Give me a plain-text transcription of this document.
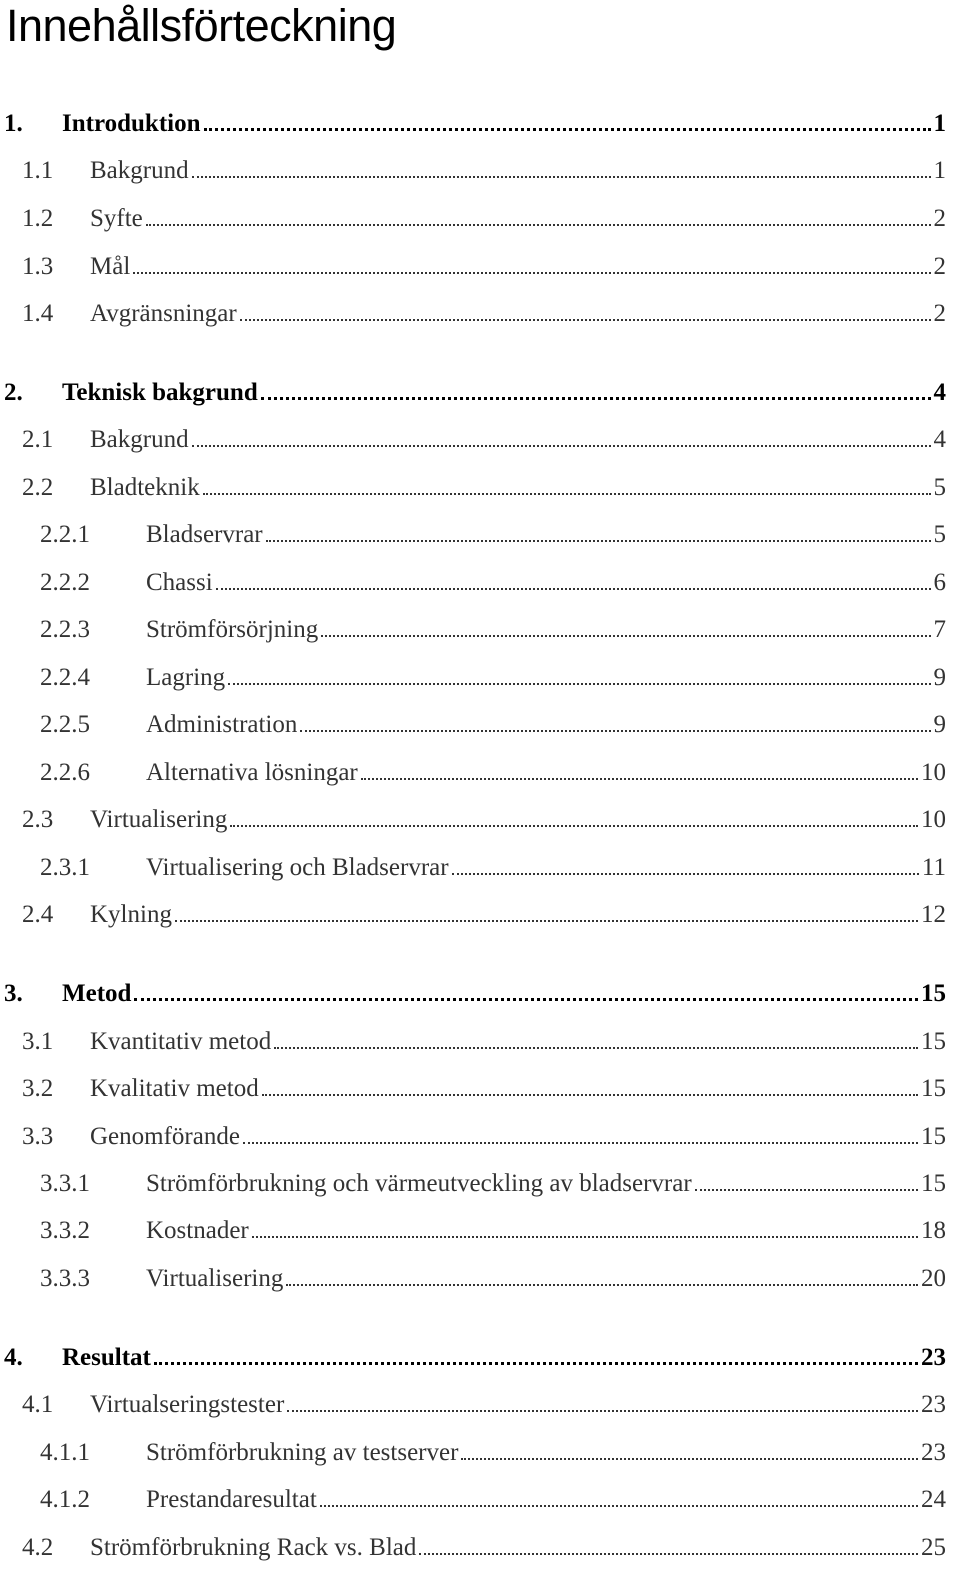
Innehållsförteckning
1. Introduktion	1
1.1 Bakgrund	1
1.2 Syfte	2
1.3 Mål	2
1.4 Avgränsningar	2
2. Teknisk bakgrund	4
2.1 Bakgrund	4
2.2 Bladteknik	5
2.2.1 Bladservrar	5
2.2.2 Chassi	6
2.2.3 Strömförsörjning	7
2.2.4 Lagring	9
2.2.5 Administration	9
2.2.6 Alternativa lösningar	10
2.3 Virtualisering	10
2.3.1 Virtualisering och Bladservrar	11
2.4 Kylning	12
3. Metod	15
3.1 Kvantitativ metod	15
3.2 Kvalitativ metod	15
3.3 Genomförande	15
3.3.1 Strömförbrukning och värmeutveckling av bladservrar	15
3.3.2 Kostnader	18
3.3.3 Virtualisering	20
4. Resultat	23
4.1 Virtualseringstester	23
4.1.1 Strömförbrukning av testserver	23
4.1.2 Prestandaresultat	24
4.2 Strömförbrukning Rack vs. Blad	25
